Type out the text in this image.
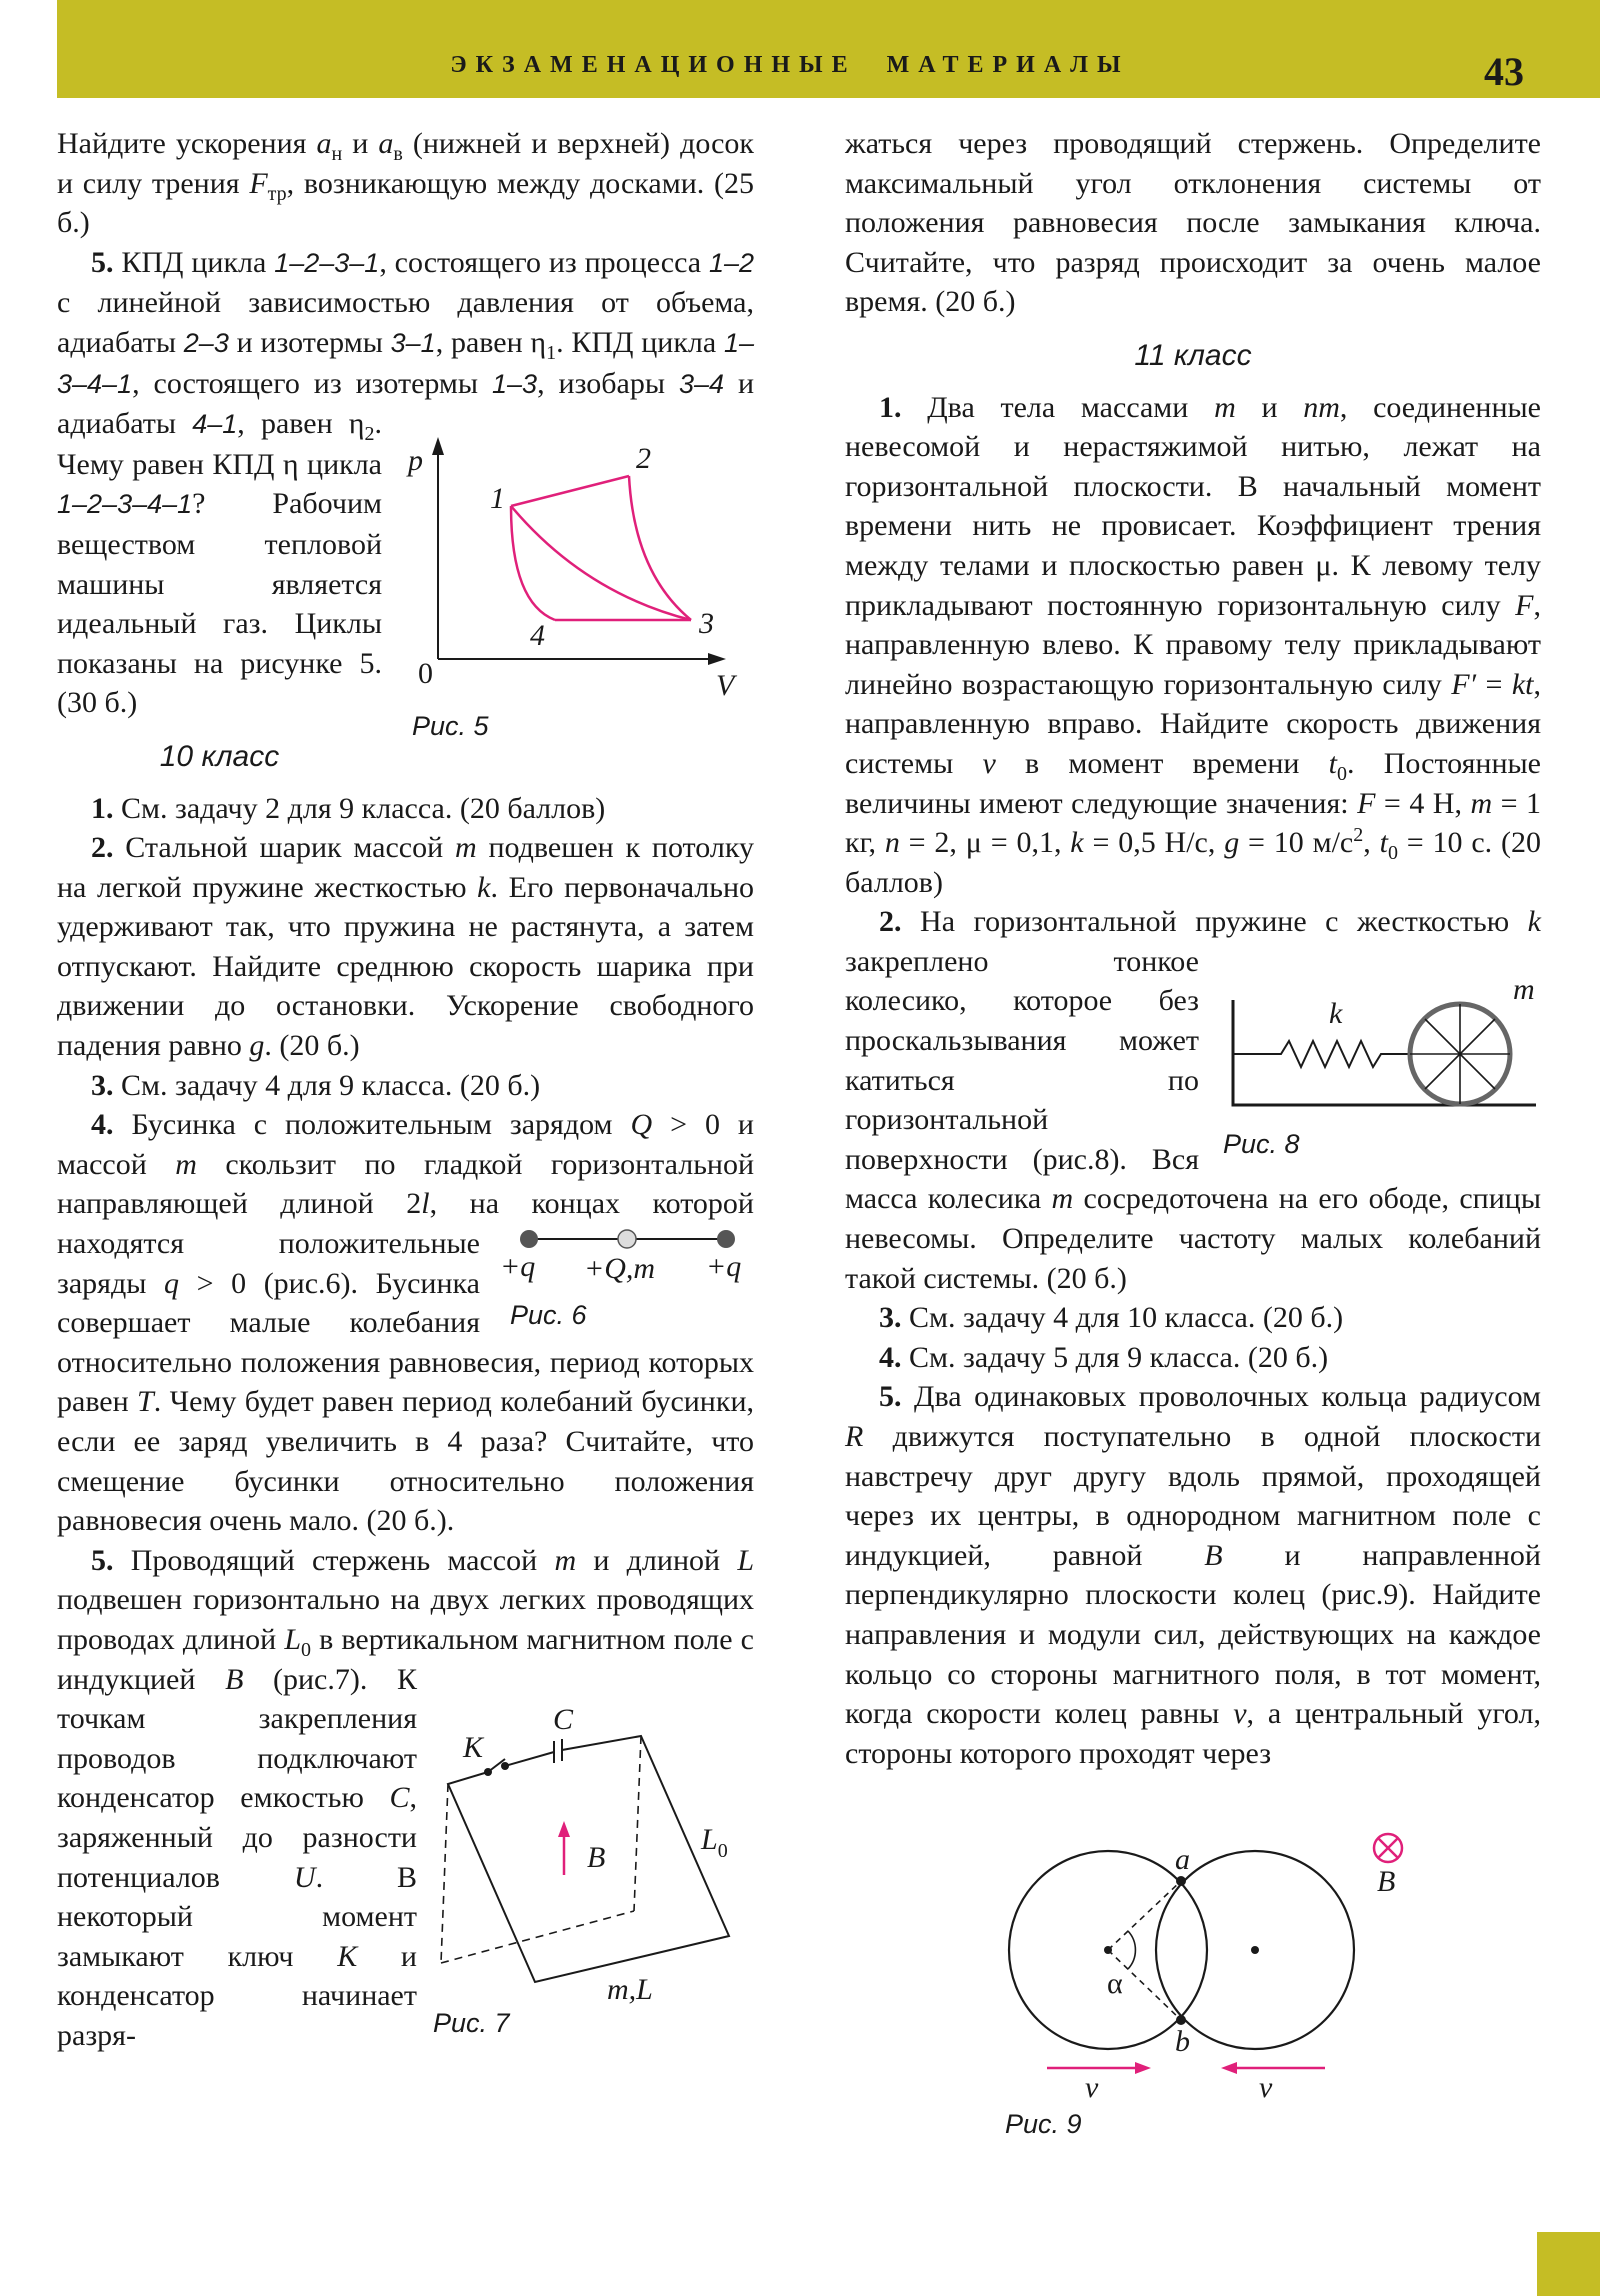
ЭКЗАМЕНАЦИОННЫЕ  МАТЕРИАЛЫ	43

Найдите ускорения $a_н$ и $a_в$ (нижней и верхней) досок и силу трения $F_{тр}$, возникающую между досками. (25 б.)

p
0	V
1
2
3
4
Рис. 5
5. КПД цикла 1–2–3–1, состоящего из процесса 1–2 с линейной зависимостью давления от объема, адиабаты 2–3 и изотермы 3–1, равен $\eta_1$. КПД цикла 1–3–4–1, состоящего из изотермы 1–3, изобары 3–4 и адиабаты 4–1, равен $\eta_2$. Чему равен КПД η цикла 1–2–3–4–1? Рабочим веществом тепловой машины является идеальный газ. Циклы показаны на рисунке 5. (30 б.)

10 класс

1. См. задачу 2 для 9 класса. (20 баллов)

2. Стальной шарик массой m подвешен к потолку на легкой пружине жесткостью k. Его первоначально удерживают так, что пружина не растянута, а затем отпускают. Найдите среднюю скорость шарика при движении до остановки. Ускорение свободного падения равно g. (20 б.)

3. См. задачу 4 для 9 класса. (20 б.)

+q +Q,m +q
Рис. 6
4. Бусинка с положительным зарядом Q > 0 и массой m скользит по гладкой горизонтальной направляющей длиной 2l, на концах которой находятся положительные заряды q > 0 (рис.6). Бусинка совершает малые колебания относительно положения равновесия, период которых равен T. Чему будет равен период колебаний бусинки, если ее заряд увеличить в 4 раза? Считайте, что смещение бусинки относительно положения равновесия очень мало. (20 б.).

K
C
B
$L_0$
m,L
Рис. 7
5. Проводящий стержень массой m и длиной L подвешен горизонтально на двух легких проводящих проводах длиной $L_0$ в вертикальном магнитном поле с индукцией B (рис.7). К точкам закрепления проводов подключают конденсатор емкостью C, заряженный до разности потенциалов U. В некоторый момент замыкают ключ K и конденсатор начинает разря-

жаться через проводящий стержень. Определите максимальный угол отклонения системы от положения равновесия после замыкания ключа. Считайте, что разряд происходит за очень малое время. (20 б.)

11 класс

1. Два тела массами m и nm, соединенные невесомой и нерастяжимой нитью, лежат на горизонтальной плоскости. В начальный момент времени нить не провисает. Коэффициент трения между телами и плоскостью равен μ. К левому телу прикладывают постоянную горизонтальную силу F, направленную влево. К правому телу прикладывают линейно возрастающую горизонтальную силу F′ = kt, направленную вправо. Найдите скорость движения системы v в момент времени $t_0$. Постоянные величины имеют следующие значения: F = 4 Н, m = 1 кг, n = 2, μ = 0,1, k = 0,5 Н/с, g = 10 $м/с^2$, $t_0 = 10$ с. (20 баллов)

k
m
Рис. 8
2. На горизонтальной пружине с жесткостью k закреплено тонкое колесико, которое без проскальзывания может катиться по горизонтальной поверхности (рис.8). Вся масса колесика m сосредоточена на его ободе, спицы невесомы. Определите частоту малых колебаний такой системы. (20 б.)

3. См. задачу 4 для 10 класса. (20 б.)

4. См. задачу 5 для 9 класса. (20 б.)

5. Два одинаковых проволочных кольца радиусом R движутся поступательно в одной плоскости навстречу друг другу вдоль прямой, проходящей через их центры, в однородном магнитном поле с индукцией, равной B и направленной перпендикулярно плоскости колец (рис.9). Найдите направления и модули сил, действующих на каждое кольцо со стороны магнитного поля, в тот момент, когда скорости колец равны v, а центральный угол, стороны которого проходят через

a
b
α
B
v	v
Рис. 9
